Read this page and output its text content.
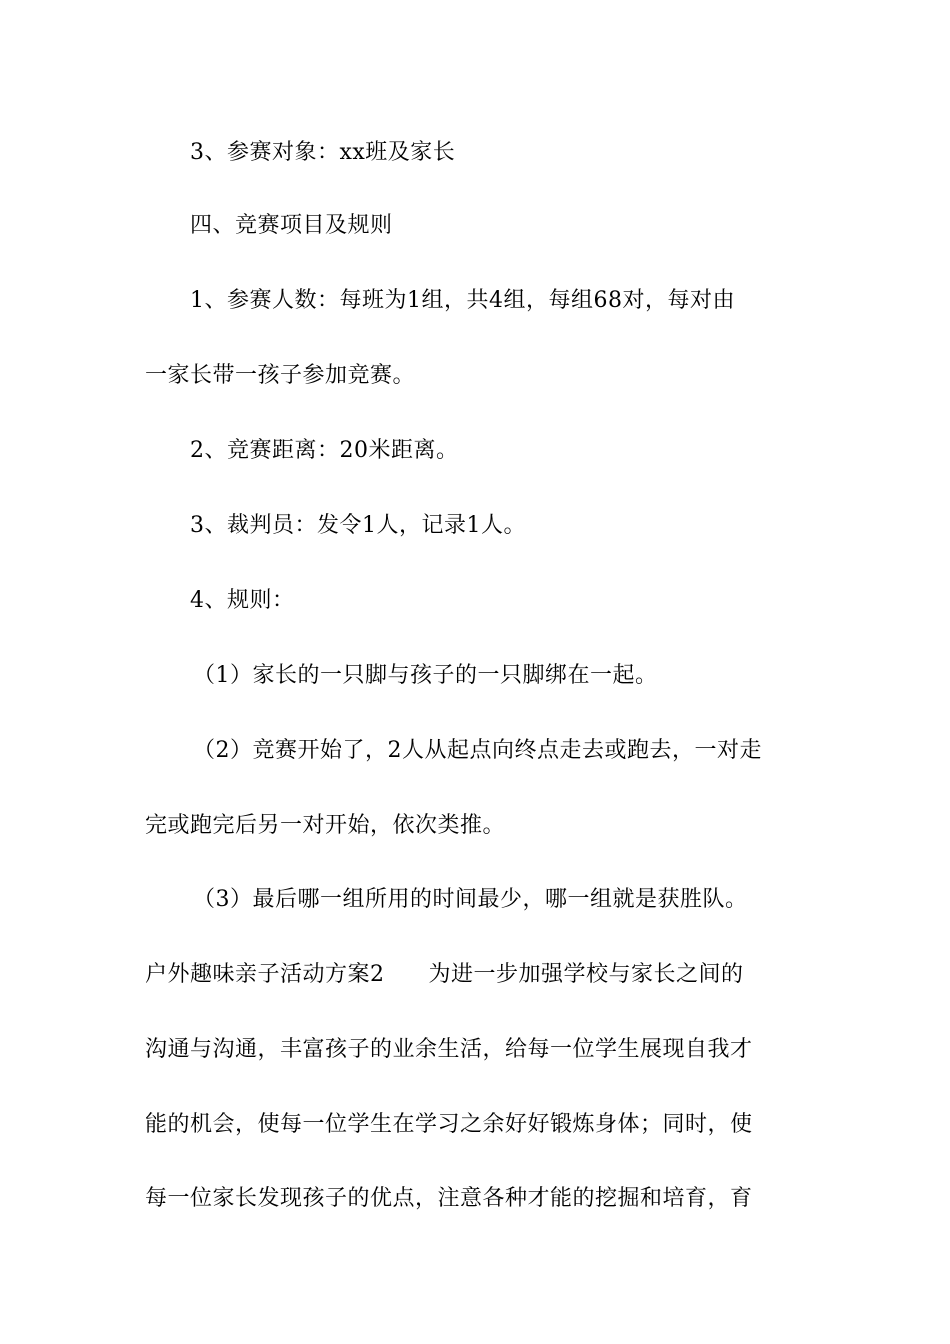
3、参赛对象：xx班及家长
四、竞赛项目及规则
1、参赛人数：每班为1组，共4组，每组68对，每对由
一家长带一孩子参加竞赛。
2、竞赛距离：20米距离。
3、裁判员：发令1人，记录1人。
4、规则：
（1）家长的一只脚与孩子的一只脚绑在一起。
（2）竞赛开始了，2人从起点向终点走去或跑去，一对走
完或跑完后另一对开始，依次类推。
（3）最后哪一组所用的时间最少，哪一组就是获胜队。
户外趣味亲子活动方案2 为进一步加强学校与家长之间的
沟通与沟通，丰富孩子的业余生活，给每一位学生展现自我才
能的机会，使每一位学生在学习之余好好锻炼身体；同时，使
每一位家长发现孩子的优点，注意各种才能的挖掘和培育，育
